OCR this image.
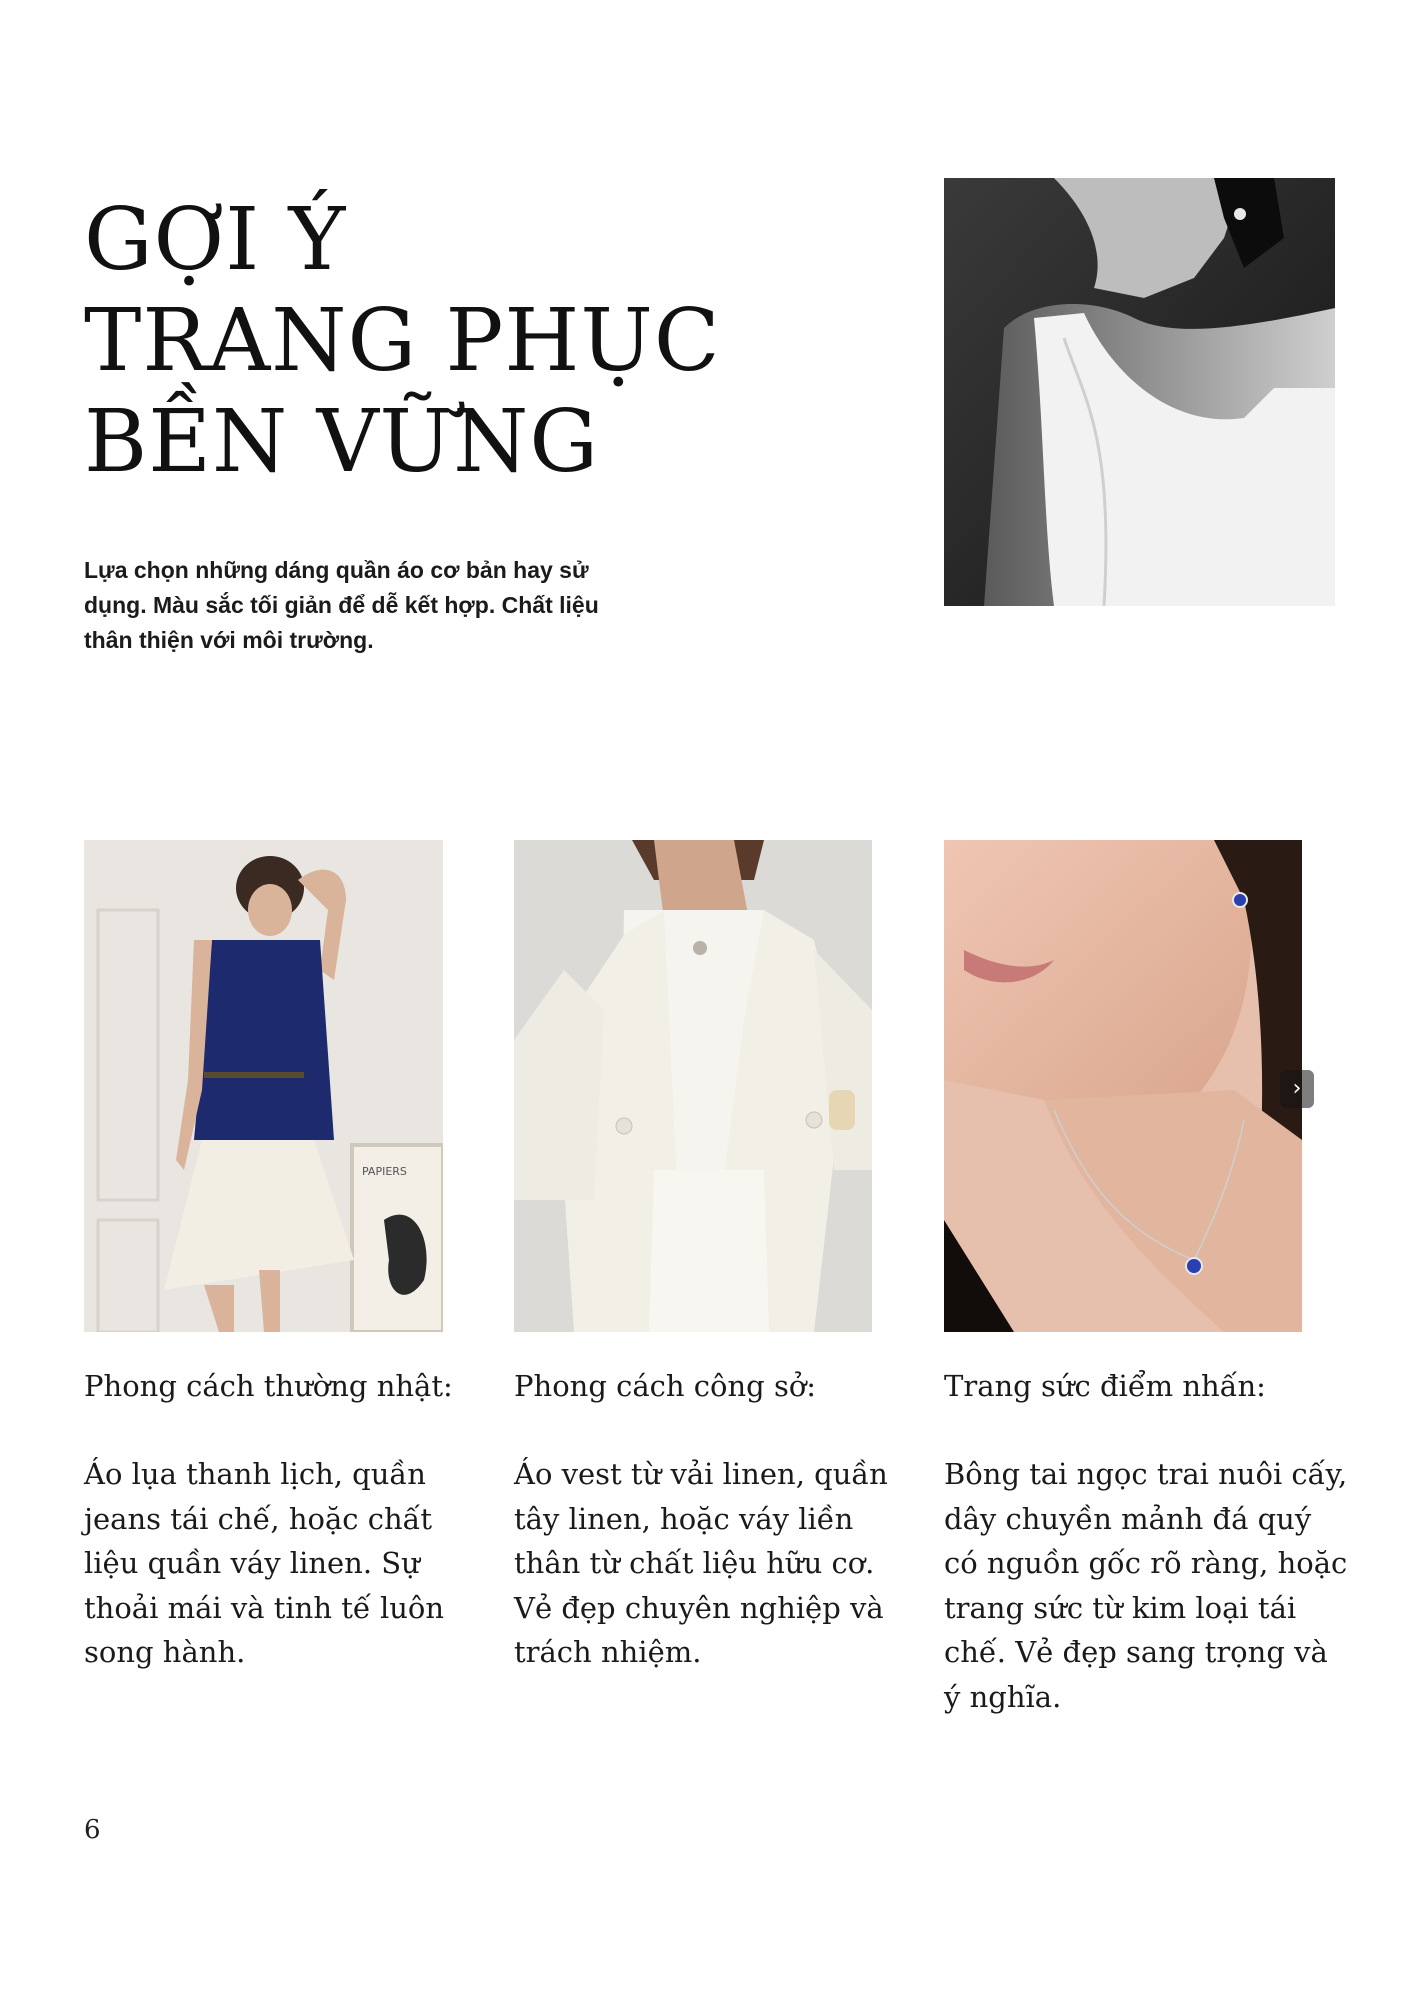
GỢI Ý
TRANG PHỤC
BỀN VỮNG

Lựa chọn những dáng quần áo cơ bản hay sử
dụng. Màu sắc tối giản để dễ kết hợp. Chất liệu
thân thiện với môi trường.

PAPIERS
›
Phong cách thường nhật:

Áo lụa thanh lịch, quần
jeans tái chế, hoặc chất
liệu quần váy linen. Sự
thoải mái và tinh tế luôn
song hành.

Phong cách công sở:

Áo vest từ vải linen, quần
tây linen, hoặc váy liền
thân từ chất liệu hữu cơ.
Vẻ đẹp chuyên nghiệp và
trách nhiệm.

Trang sức điểm nhấn:

Bông tai ngọc trai nuôi cấy,
dây chuyền mảnh đá quý
có nguồn gốc rõ ràng, hoặc
trang sức từ kim loại tái
chế. Vẻ đẹp sang trọng và
ý nghĩa.

6
